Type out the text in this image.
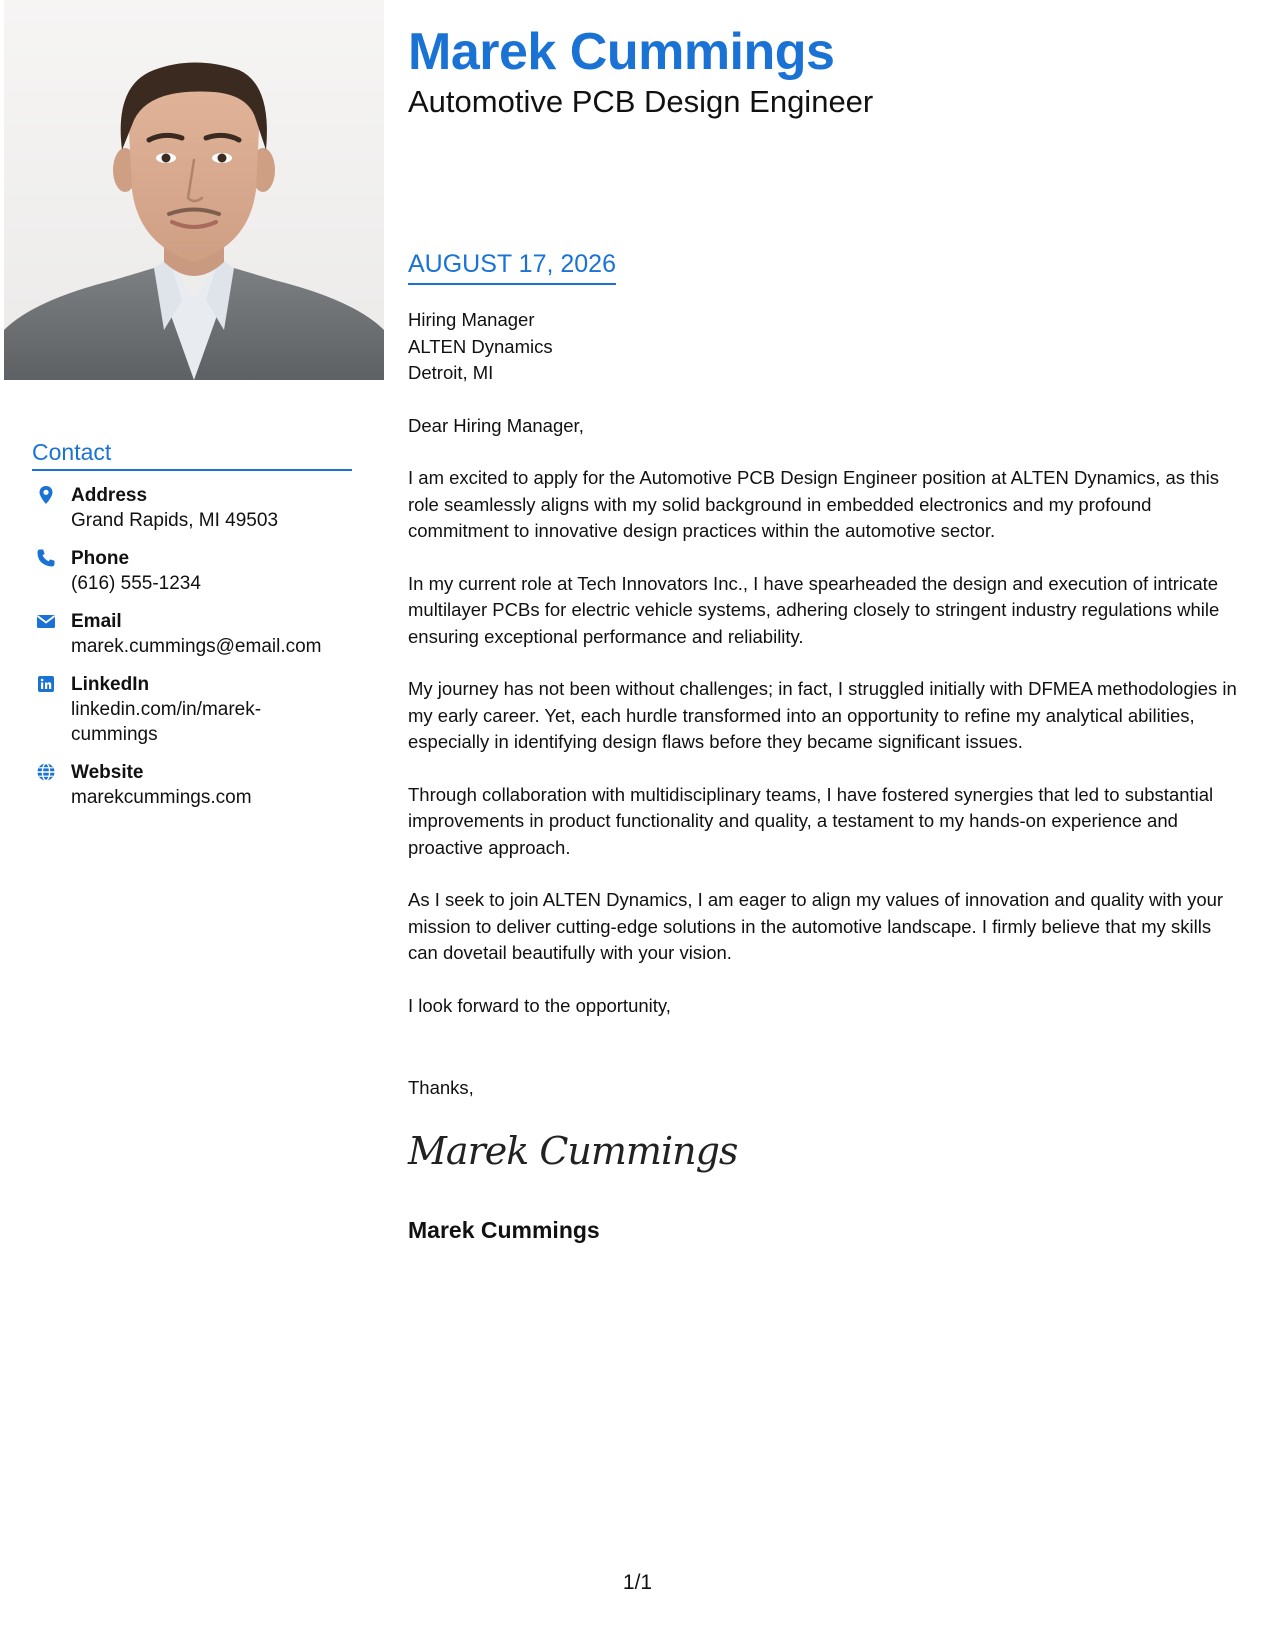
Contact
Address
Grand Rapids, MI 49503
Phone
(616) 555-1234
Email
marek.cummings@email.com
LinkedIn
linkedin.com/in/marek-cummings
Website
marekcummings.com
Marek Cummings
Automotive PCB Design Engineer
AUGUST 17, 2026
Hiring Manager
ALTEN Dynamics
Detroit, MI

Dear Hiring Manager,

I am excited to apply for the Automotive PCB Design Engineer position at ALTEN Dynamics, as this role seamlessly aligns with my solid background in embedded electronics and my profound commitment to innovative design practices within the automotive sector.

In my current role at Tech Innovators Inc., I have spearheaded the design and execution of intricate multilayer PCBs for electric vehicle systems, adhering closely to stringent industry regulations while ensuring exceptional performance and reliability.

My journey has not been without challenges; in fact, I struggled initially with DFMEA methodologies in my early career. Yet, each hurdle transformed into an opportunity to refine my analytical abilities, especially in identifying design flaws before they became significant issues.

Through collaboration with multidisciplinary teams, I have fostered synergies that led to substantial improvements in product functionality and quality, a testament to my hands-on experience and proactive approach.

As I seek to join ALTEN Dynamics, I am eager to align my values of innovation and quality with your mission to deliver cutting-edge solutions in the automotive landscape. I firmly believe that my skills can dovetail beautifully with your vision.

I look forward to the opportunity,

Thanks,
Marek Cummings
Marek Cummings
1/1
